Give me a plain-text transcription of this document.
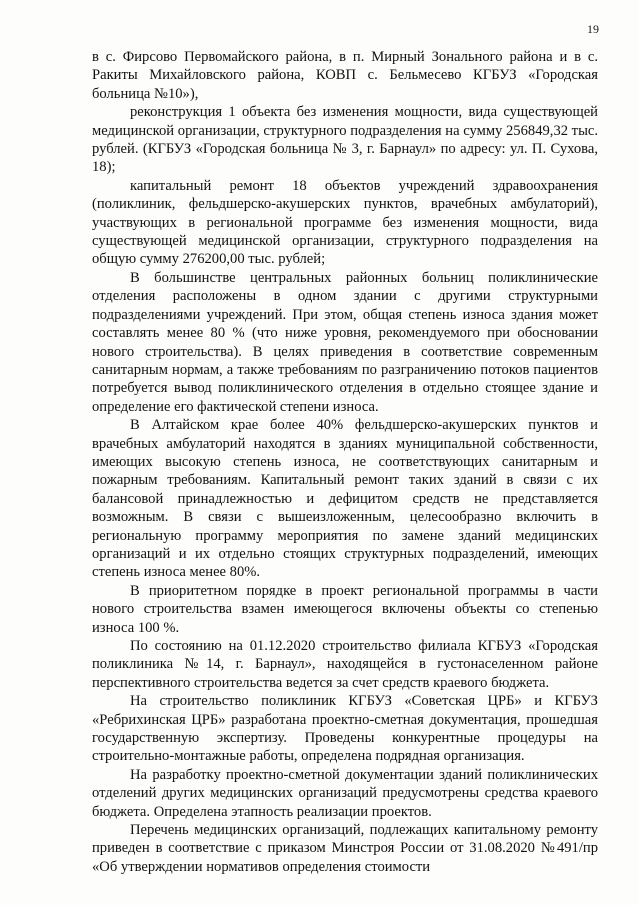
19

в с. Фирсово Первомайского района, в п. Мирный Зонального района и в с. Ракиты Михайловского района, КОВП с. Бельмесево КГБУЗ «Городская больница №10»),

реконструкция 1 объекта без изменения мощности, вида существующей медицинской организации, структурного подразделения на сумму 256849,32 тыс. рублей. (КГБУЗ «Городская больница № 3, г. Барнаул» по адресу: ул. П. Сухова, 18);

капитальный ремонт 18 объектов учреждений здравоохранения (поликлиник, фельдшерско-акушерских пунктов, врачебных амбулаторий), участвующих в региональной программе без изменения мощности, вида существующей медицинской организации, структурного подразделения на общую сумму 276200,00 тыс. рублей;

В большинстве центральных районных больниц поликлинические отделения расположены в одном здании с другими структурными подразделениями учреждений. При этом, общая степень износа здания может составлять менее 80 % (что ниже уровня, рекомендуемого при обосновании нового строительства). В целях приведения в соответствие современным санитарным нормам, а также требованиям по разграничению потоков пациентов потребуется вывод поликлинического отделения в отдельно стоящее здание и определение его фактической степени износа.

В Алтайском крае более 40% фельдшерско-акушерских пунктов и врачебных амбулаторий находятся в зданиях муниципальной собственности, имеющих высокую степень износа, не соответствующих санитарным и пожарным требованиям. Капитальный ремонт таких зданий в связи с их балансовой принадлежностью и дефицитом средств не представляется возможным. В связи с вышеизложенным, целесообразно включить в региональную программу мероприятия по замене зданий медицинских организаций и их отдельно стоящих структурных подразделений, имеющих степень износа менее 80%.

В приоритетном порядке в проект региональной программы в части нового строительства взамен имеющегося включены объекты со степенью износа 100 %.

По состоянию на 01.12.2020 строительство филиала КГБУЗ «Городская поликлиника №14, г. Барнаул», находящейся в густонаселенном районе перспективного строительства ведется за счет средств краевого бюджета.

На строительство поликлиник КГБУЗ «Советская ЦРБ» и КГБУЗ «Ребрихинская ЦРБ» разработана проектно-сметная документация, прошедшая государственную экспертизу. Проведены конкурентные процедуры на строительно-монтажные работы, определена подрядная организация.

На разработку проектно-сметной документации зданий поликлинических отделений других медицинских организаций предусмотрены средства краевого бюджета. Определена этапность реализации проектов.

Перечень медицинских организаций, подлежащих капитальному ремонту приведен в соответствие с приказом Минстроя России от 31.08.2020 №491/пр «Об утверждении нормативов определения стоимости
